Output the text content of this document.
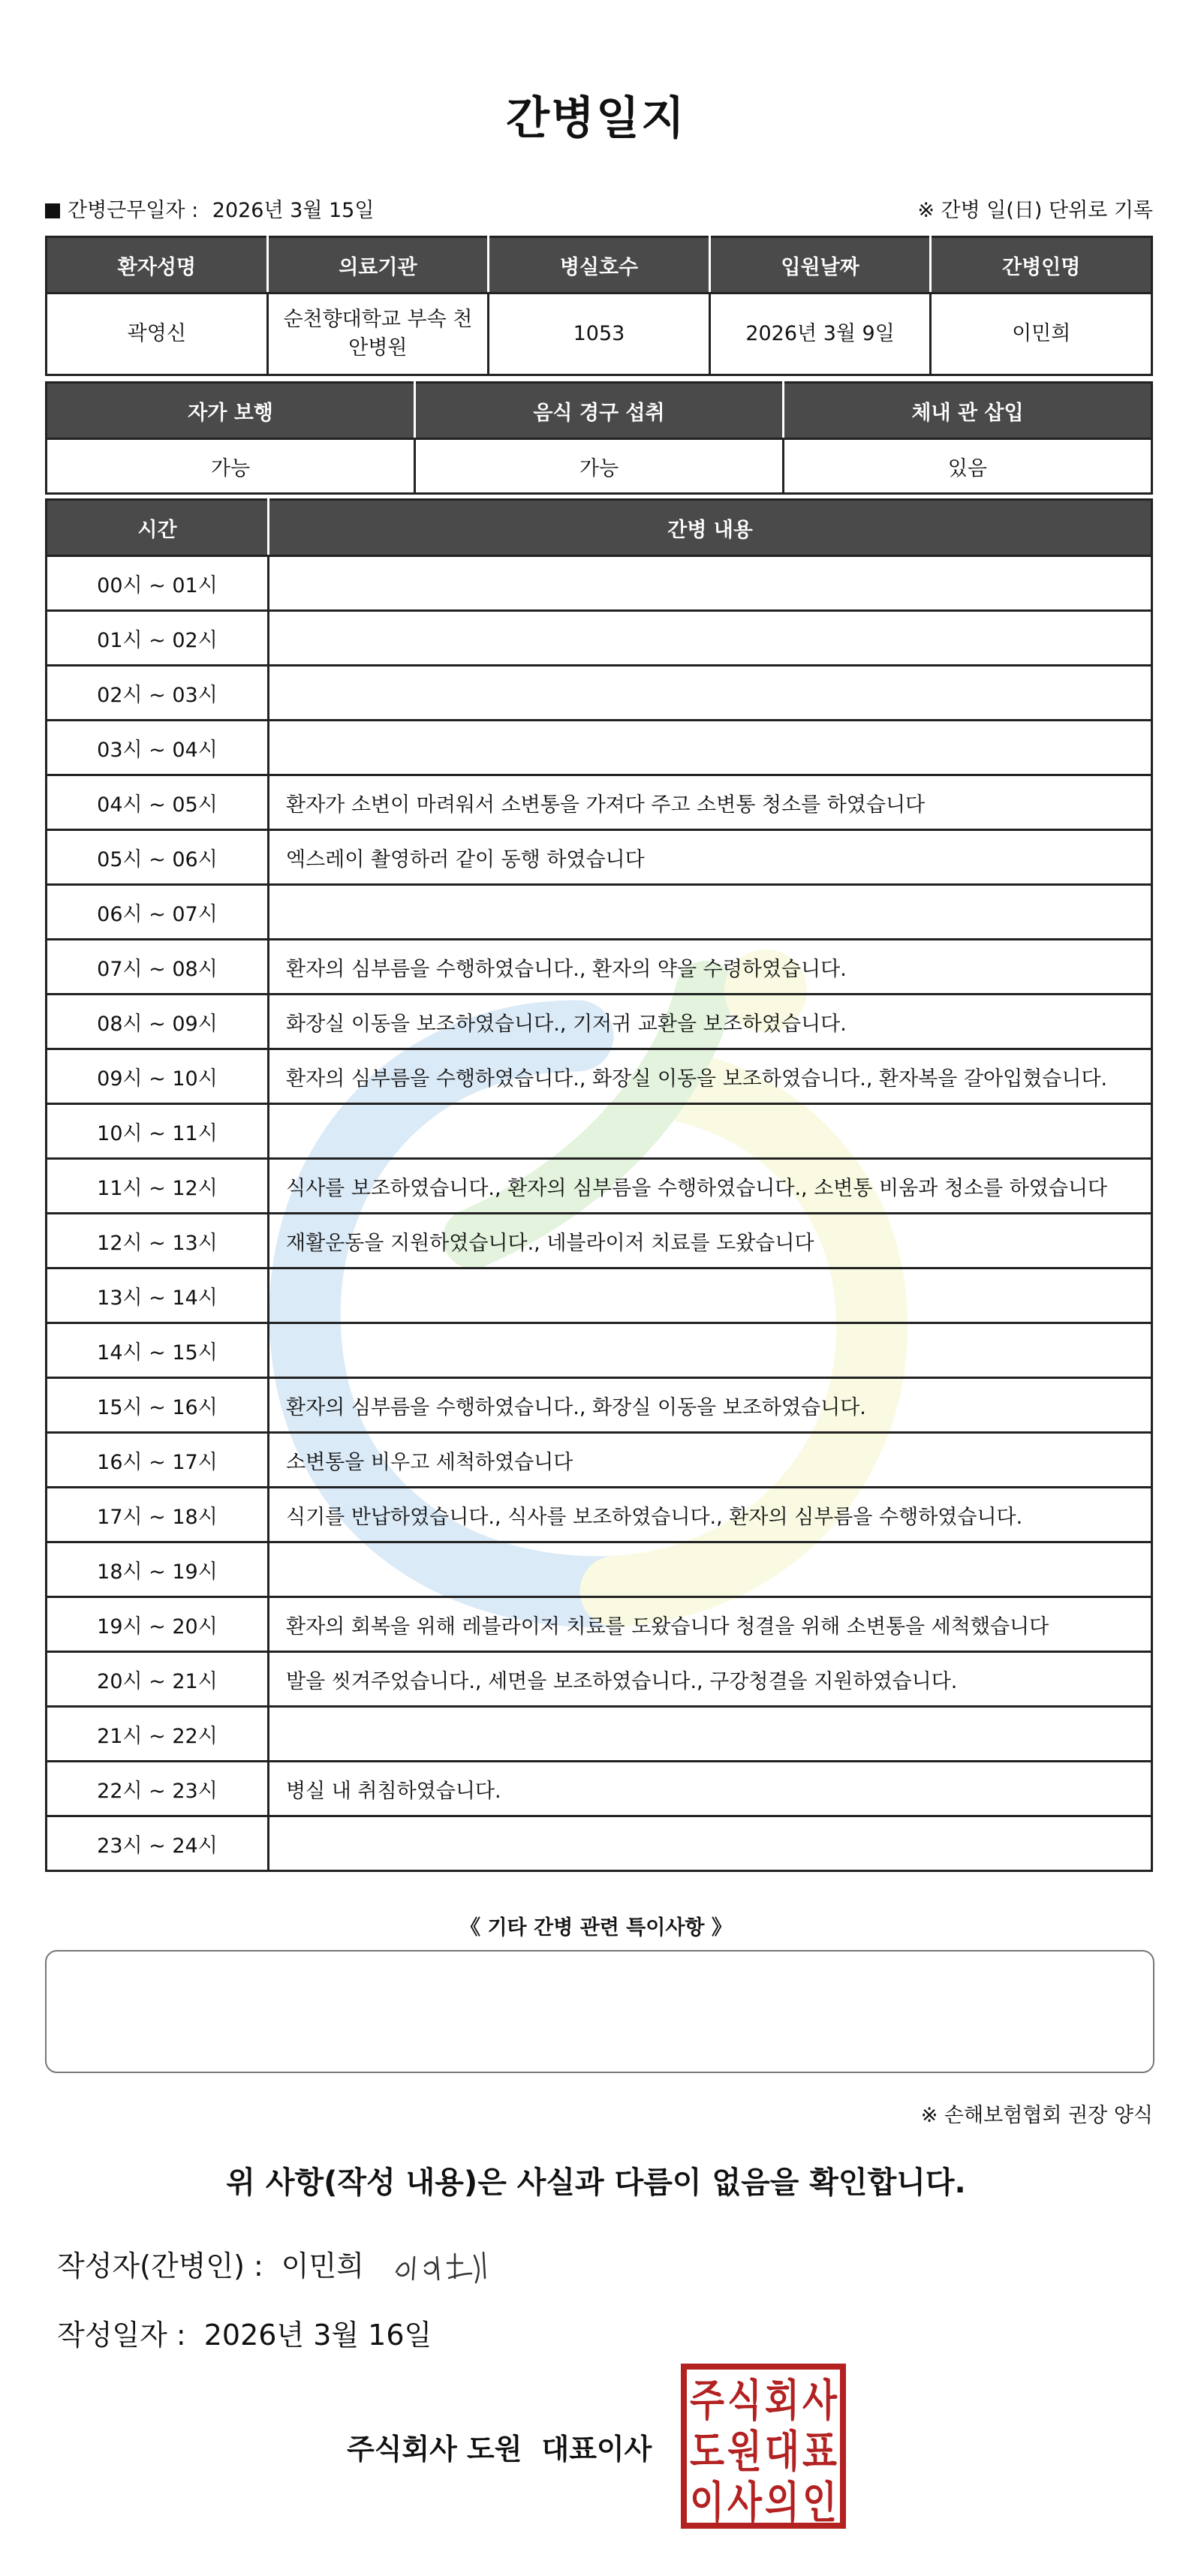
간병일지
간병근무일자 : 2026년 3월 15일	※ 간병 일(日) 단위로 기록
환자성명	의료기관	병실호수	입원날짜	간병인명
곽영신	순천향대학교 부속 천안병원	1053	2026년 3월 9일	이민희
자가 보행	음식 경구 섭취	체내 관 삽입
가능	가능	있음
시간	간병 내용
00시 ~ 01시	
01시 ~ 02시	
02시 ~ 03시	
03시 ~ 04시	
04시 ~ 05시	환자가 소변이 마려워서 소변통을 가져다 주고 소변통 청소를 하였습니다
05시 ~ 06시	엑스레이 촬영하러 같이 동행 하였습니다
06시 ~ 07시	
07시 ~ 08시	환자의 심부름을 수행하였습니다., 환자의 약을 수령하였습니다.
08시 ~ 09시	화장실 이동을 보조하였습니다., 기저귀 교환을 보조하였습니다.
09시 ~ 10시	환자의 심부름을 수행하였습니다., 화장실 이동을 보조하였습니다., 환자복을 갈아입혔습니다.
10시 ~ 11시	
11시 ~ 12시	식사를 보조하였습니다., 환자의 심부름을 수행하였습니다., 소변통 비움과 청소를 하였습니다
12시 ~ 13시	재활운동을 지원하였습니다., 네블라이저 치료를 도왔습니다
13시 ~ 14시	
14시 ~ 15시	
15시 ~ 16시	환자의 심부름을 수행하였습니다., 화장실 이동을 보조하였습니다.
16시 ~ 17시	소변통을 비우고 세척하였습니다
17시 ~ 18시	식기를 반납하였습니다., 식사를 보조하였습니다., 환자의 심부름을 수행하였습니다.
18시 ~ 19시	
19시 ~ 20시	환자의 회복을 위해 레블라이저 치료를 도왔습니다 청결을 위해 소변통을 세척했습니다
20시 ~ 21시	발을 씻겨주었습니다., 세면을 보조하였습니다., 구강청결을 지원하였습니다.
21시 ~ 22시	
22시 ~ 23시	병실 내 취침하였습니다.
23시 ~ 24시	
《 기타 간병 관련 특이사항 》
※ 손해보험협회 권장 양식
위 사항(작성 내용)은 사실과 다름이 없음을 확인합니다.
작성자(간병인) : 이민희
작성일자 : 2026년 3월 16일
주식회사 도원 대표이사
주 식 회 사
도 원 대 표
이 사 의 인
